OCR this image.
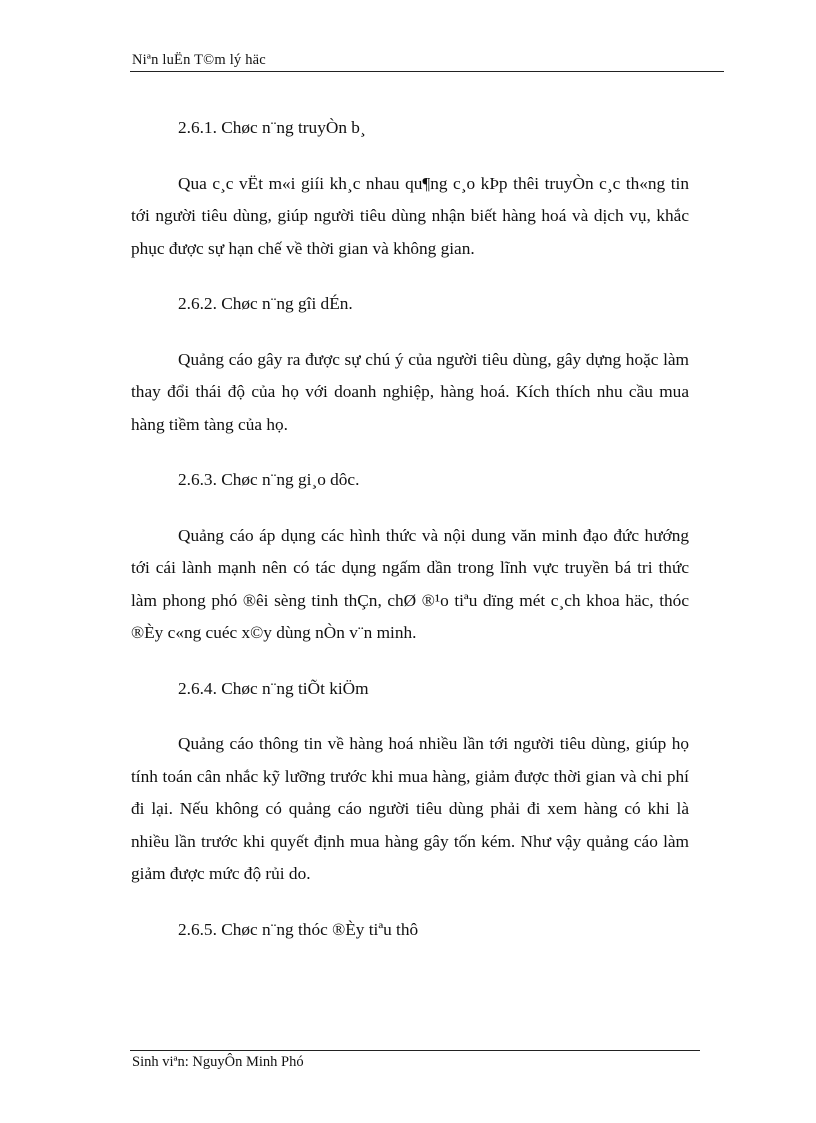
Niªn luËn T©m lý häc

2.6.1. Chøc n¨ng truyÒn b¸

Qua c¸c vËt m«i giíi kh¸c nhau qu¶ng c¸o kÞp thêi truyÒn c¸c th«ng tin tới người tiêu dùng, giúp người tiêu dùng nhận biết hàng hoá và dịch vụ, khắc phục được sự hạn chế về thời gian và không gian.

2.6.2. Chøc n¨ng gîi dÉn.

Quảng cáo gây ra được sự chú ý của người tiêu dùng, gây dựng hoặc làm thay đổi thái độ của họ với doanh nghiệp, hàng hoá. Kích thích nhu cầu mua hàng tiềm tàng của họ.

2.6.3. Chøc n¨ng gi¸o dôc.

Quảng cáo áp dụng các hình thức và nội dung văn minh đạo đức hướng tới cái lành mạnh nên có tác dụng ngấm dần trong lĩnh vực truyền bá tri thức làm phong phó ®êi sèng tinh thÇn, chØ ®¹o tiªu dïng mét c¸ch khoa häc, thóc ®Èy c«ng cuéc x©y dùng nÒn v¨n minh.

2.6.4. Chøc n¨ng tiÕt kiÖm

Quảng cáo thông tin về hàng hoá nhiều lần tới người tiêu dùng, giúp họ tính toán cân nhắc kỹ lưỡng trước khi mua hàng, giảm được thời gian và chi phí đi lại. Nếu không có quảng cáo người tiêu dùng phải đi xem hàng có khi là nhiều lần trước khi quyết định mua hàng gây tốn kém. Như vậy quảng cáo làm giảm được mức độ rủi do.

2.6.5. Chøc n¨ng thóc ®Èy tiªu thô

Sinh viªn: NguyÔn Minh Phó
